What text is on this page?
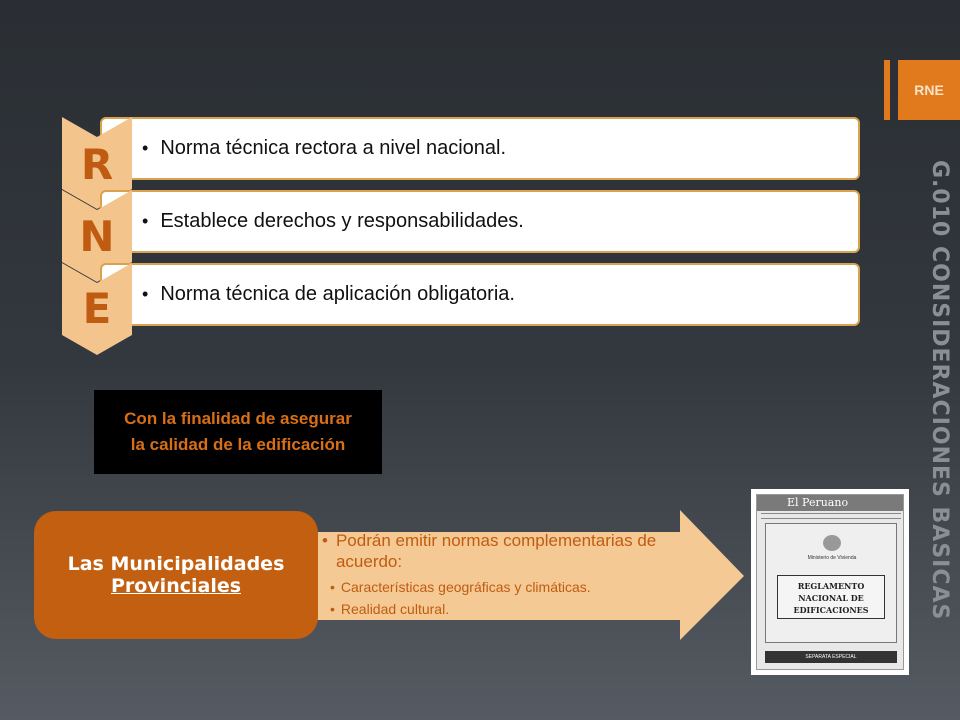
RNE
G.010 CONSIDERACIONES BASICAS
• Norma técnica rectora a nivel nacional.
R
• Establece derechos y responsabilidades.
N
• Norma técnica de aplicación obligatoria.
E
Con la finalidad de asegurar
la calidad de la edificación
• Podrán emitir normas complementarias de acuerdo:
• Características geográficas y climáticas.
• Realidad cultural.
Las Municipalidades
Provinciales
El Peruano
Ministerio de Vivienda
REGLAMENTO
NACIONAL DE
EDIFICACIONES
SEPARATA ESPECIAL
